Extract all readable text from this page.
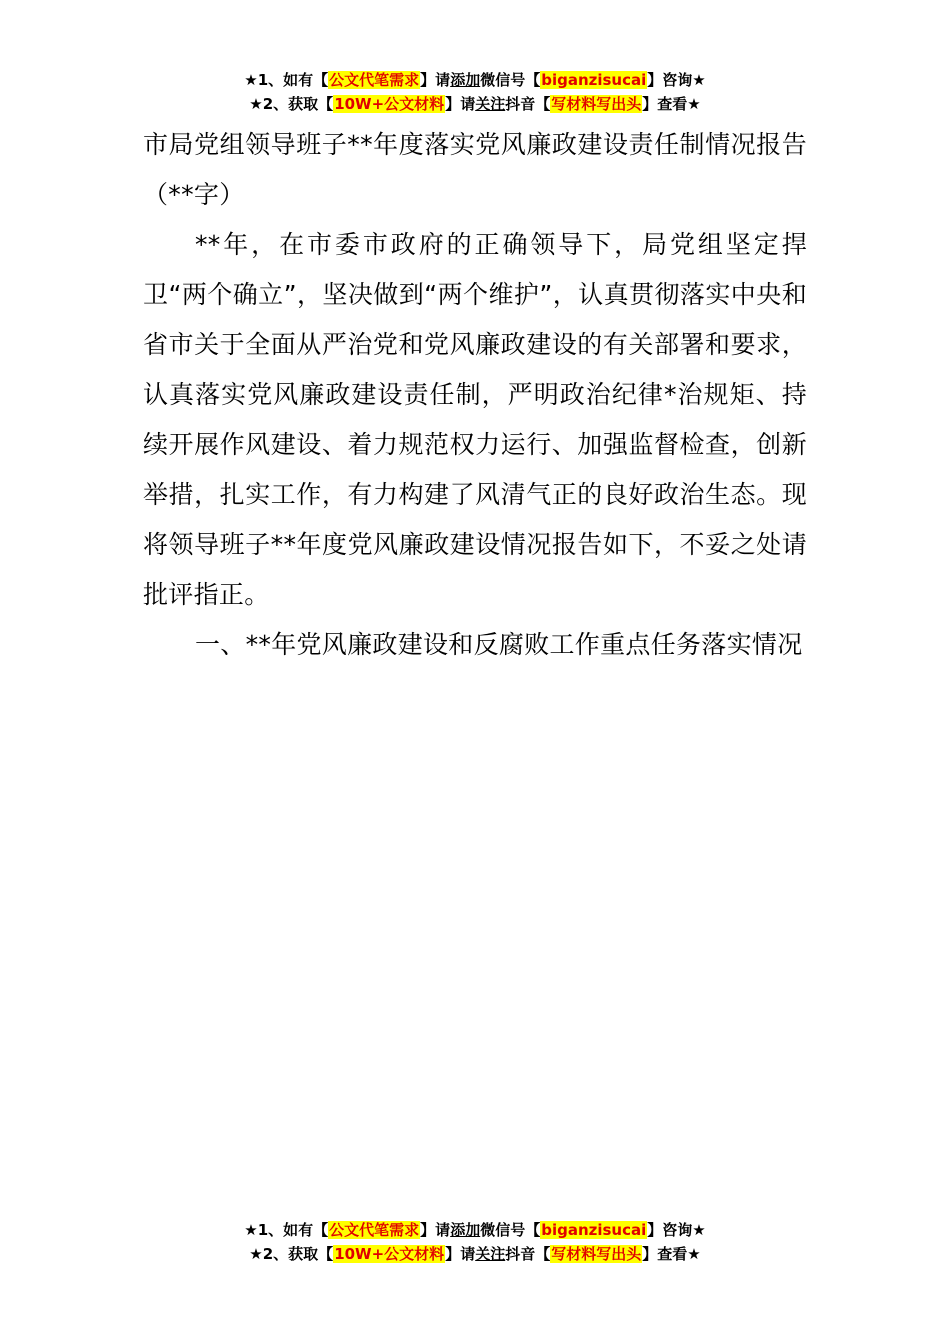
★1、如有【公文代笔需求】请添加微信号【biganzisucai】咨询★
★2、获取【10W+公文材料】请关注抖音【写材料写出头】查看★

市局党组领导班子**年度落实党风廉政建设责任制情况报告（**字）

**年，在市委市政府的正确领导下，局党组坚定捍卫“两个确立”，坚决做到“两个维护”，认真贯彻落实中央和省市关于全面从严治党和党风廉政建设的有关部署和要求，认真落实党风廉政建设责任制，严明政治纪律*治规矩、持续开展作风建设、着力规范权力运行、加强监督检查，创新举措，扎实工作，有力构建了风清气正的良好政治生态。现将领导班子**年度党风廉政建设情况报告如下，不妥之处请批评指正。

一、**年党风廉政建设和反腐败工作重点任务落实情况

★1、如有【公文代笔需求】请添加微信号【biganzisucai】咨询★
★2、获取【10W+公文材料】请关注抖音【写材料写出头】查看★
